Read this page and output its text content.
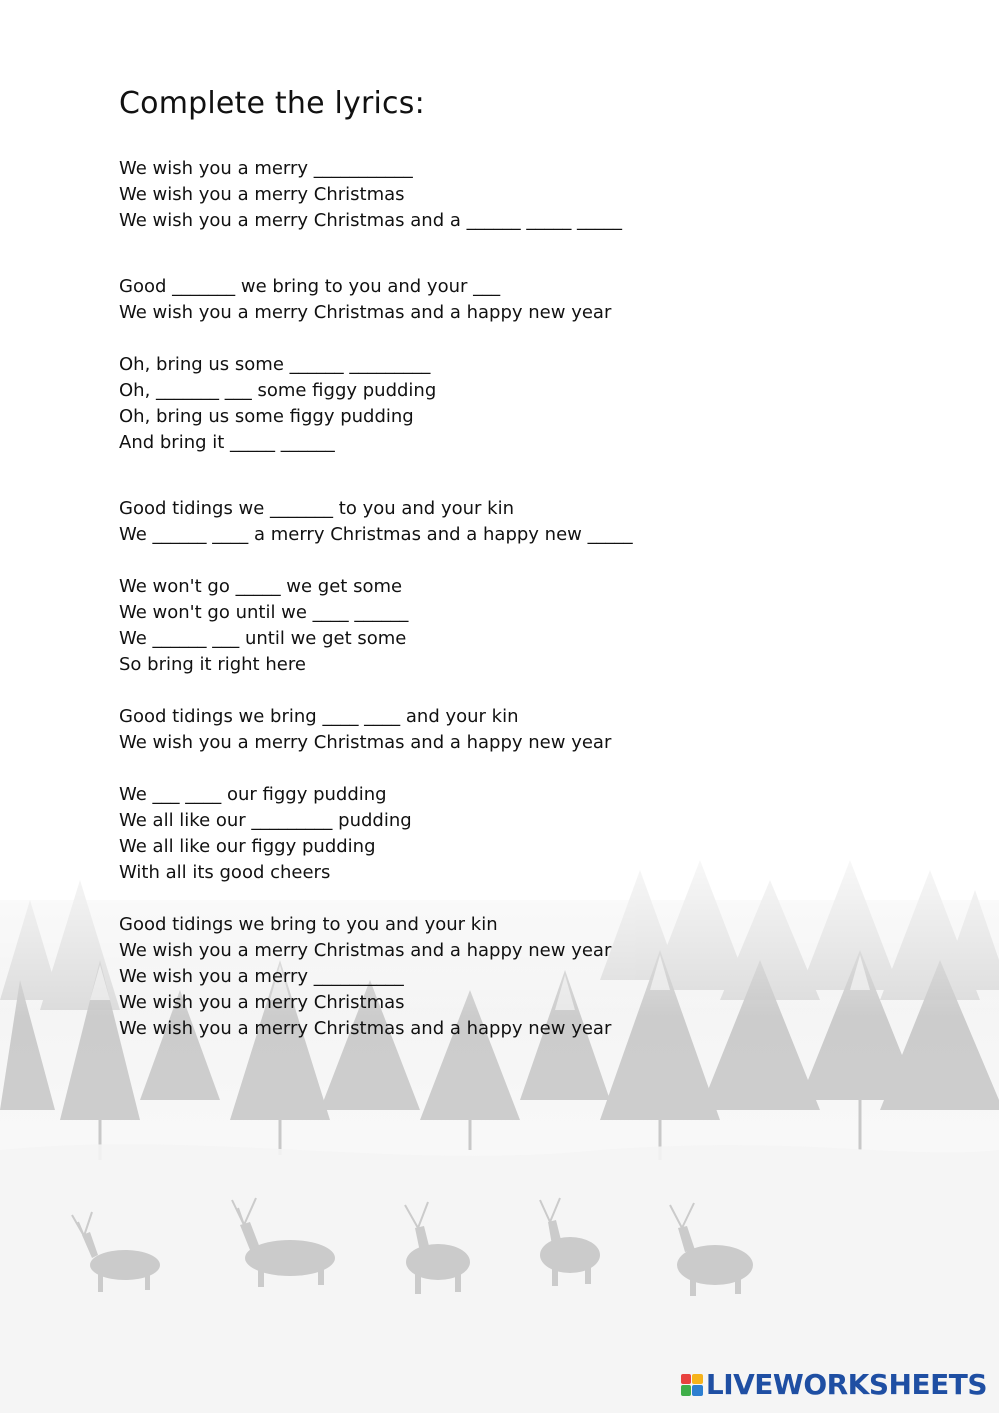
Complete the lyrics:
We wish you a merry ___________
We wish you a merry Christmas
We wish you a merry Christmas and a ______ _____ _____
Good _______ we bring to you and your ___
We wish you a merry Christmas and a happy new year
Oh, bring us some ______ _________
Oh, _______ ___ some figgy pudding
Oh, bring us some figgy pudding
And bring it _____ ______
Good tidings we _______ to you and your kin
We ______ ____ a merry Christmas and a happy new _____
We won't go _____ we get some
We won't go until we ____ ______
We ______ ___ until we get some
So bring it right here
Good tidings we bring ____ ____ and your kin
We wish you a merry Christmas and a happy new year
We ___ ____ our figgy pudding
We all like our _________ pudding
We all like our figgy pudding
With all its good cheers
Good tidings we bring to you and your kin
We wish you a merry Christmas and a happy new year
We wish you a merry __________
We wish you a merry Christmas
We wish you a merry Christmas and a happy new year
LIVEWORKSHEETS
